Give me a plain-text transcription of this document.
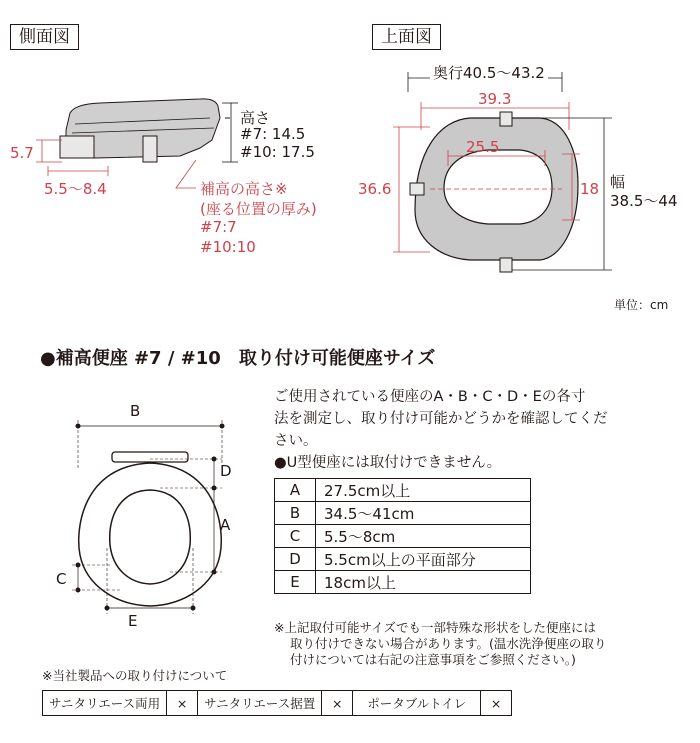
側面図
高さ
#7: 14.5
#10: 17.5
5.7
5.5〜8.4	補高の高さ※
(座る位置の厚み)
#7:7
#10:10
上面図
奥行40.5〜43.2
39.3
25.5
36.6	18 幅
38.5〜44
単位：cm
●補高便座 #7 / #10　取り付け可能便座サイズ
B
D
A
C
E
ご使用されている便座のA・B・C・D・Eの各寸
法を測定し、取り付け可能かどうかを確認してくだ
さい。
●U型便座には取付けできません。
A	27.5cm以上
B	34.5〜41cm
C	5.5〜8cm
D	5.5cm以上の平面部分
E	18cm以上
※上記取付可能サイズでも一部特殊な形状をした便座には
取り付けできない場合があります。(温水洗浄便座の取り
付けについては右記の注意事項をご参照ください。)
※当社製品への取り付けについて
サニタリエース両用	×	サニタリエース据置	×	ポータブルトイレ	×
